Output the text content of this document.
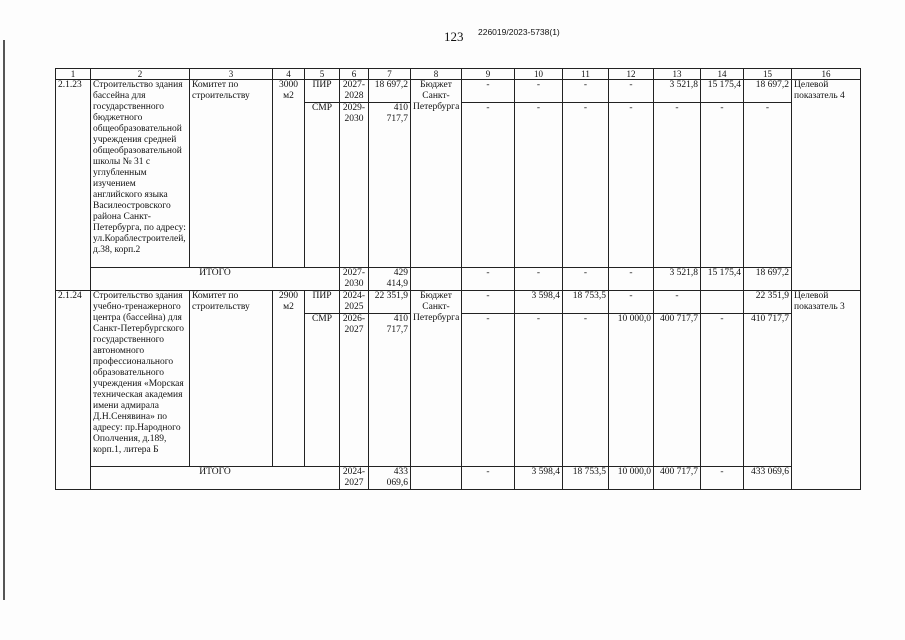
123 226019/2023-5738(1)
1	2	3	4	5	6	7	8	9	10	11	12	13	14	15	16
2.1.23	Строительство здания бассейна для государственного бюджетного общеобразовательной учреждения средней общеобразовательной школы № 31 с углубленным изучением английского языка Василеостровского района Санкт-Петербурга, по адресу: ул.Кораблестроителей, д.38, корп.2	Комитет по строительству	3000 м2	ПИР	2027-2028	18 697,2	Бюджет Санкт-Петербурга	-	-	-	-	3 521,8	15 175,4	18 697,2	Целевой показатель 4
				СМР	2029-2030	410 717,7		-	-	-	-	-	-	-	
	ИТОГО				2027-2030	429 414,9		-	-	-	-	3 521,8	15 175,4	18 697,2	
2.1.24	Строительство здания учебно-тренажерного центра (бассейна) для Санкт-Петербургского государственного автономного профессионального образовательного учреждения «Морская техническая академия имени адмирала Д.Н.Сенявина» по адресу: пр.Народного Ополчения, д.189, корп.1, литера Б	Комитет по строительству	2900 м2	ПИР	2024-2025	22 351,9	Бюджет Санкт-Петербурга	-	3 598,4	18 753,5	-	-		22 351,9	Целевой показатель 3
				СМР	2026-2027	410 717,7		-	-	-	10 000,0	400 717,7	-	410 717,7	
	ИТОГО				2024-2027	433 069,6		-	3 598,4	18 753,5	10 000,0	400 717,7	-	433 069,6	
